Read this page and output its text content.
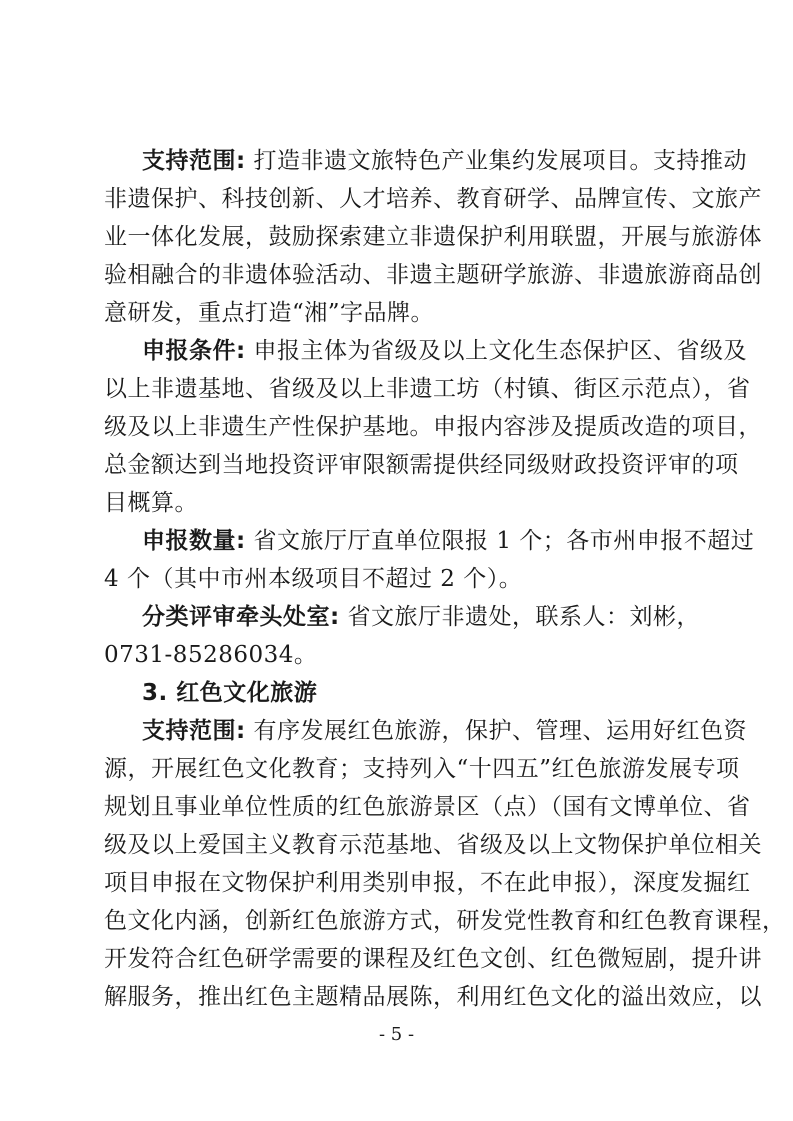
支持范围: 打造非遗文旅特色产业集约发展项目。支持推动
非遗保护、科技创新、人才培养、教育研学、品牌宣传、文旅产
业一体化发展，鼓励探索建立非遗保护利用联盟，开展与旅游体
验相融合的非遗体验活动、非遗主题研学旅游、非遗旅游商品创
意研发，重点打造“湘”字品牌。
申报条件: 申报主体为省级及以上文化生态保护区、省级及
以上非遗基地、省级及以上非遗工坊（村镇、街区示范点），省
级及以上非遗生产性保护基地。申报内容涉及提质改造的项目，
总金额达到当地投资评审限额需提供经同级财政投资评审的项
目概算。
申报数量: 省文旅厅厅直单位限报 1 个；各市州申报不超过
4 个（其中市州本级项目不超过 2 个）。
分类评审牵头处室: 省文旅厅非遗处，联系人：刘彬，
0731-85286034。
3. 红色文化旅游
支持范围: 有序发展红色旅游，保护、管理、运用好红色资
源，开展红色文化教育；支持列入“十四五”红色旅游发展专项
规划且事业单位性质的红色旅游景区（点）（国有文博单位、省
级及以上爱国主义教育示范基地、省级及以上文物保护单位相关
项目申报在文物保护利用类别申报，不在此申报），深度发掘红
色文化内涵，创新红色旅游方式，研发党性教育和红色教育课程，
开发符合红色研学需要的课程及红色文创、红色微短剧，提升讲
解服务，推出红色主题精品展陈，利用红色文化的溢出效应，以
- 5 -
